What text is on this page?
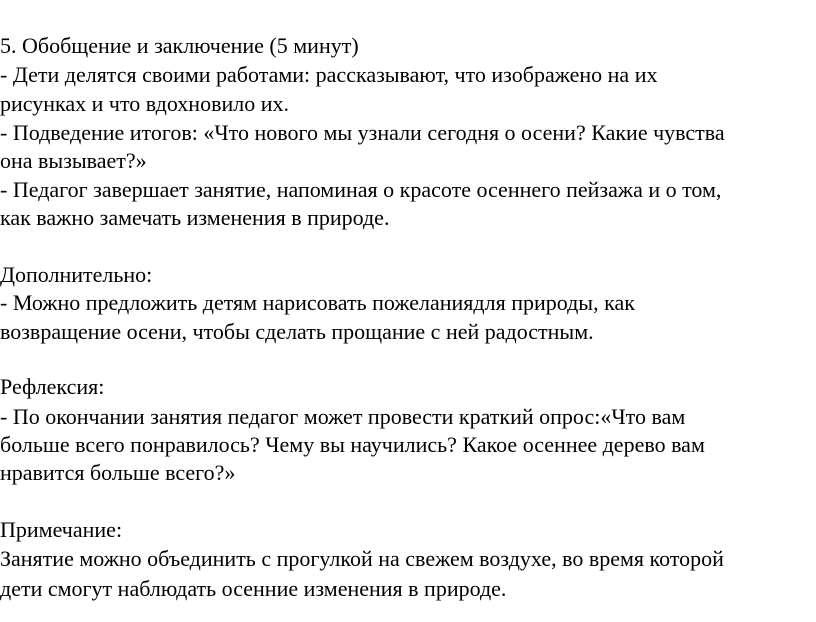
5. Обобщение и заключение (5 минут)
- Дети делятся своими работами: рассказывают, что изображено на их
рисунках и что вдохновило их.
- Подведение итогов: «Что нового мы узнали сегодня о осени? Какие чувства
она вызывает?»
- Педагог завершает занятие, напоминая о красоте осеннего пейзажа и о том,
как важно замечать изменения в природе.
Дополнительно:
- Можно предложить детям нарисовать пожеланиядля природы, как
возвращение осени, чтобы сделать прощание с ней радостным.
Рефлексия:
- По окончании занятия педагог может провести краткий опрос:«Что вам
больше всего понравилось? Чему вы научились? Какое осеннее дерево вам
нравится больше всего?»
Примечание:
Занятие можно объединить с прогулкой на свежем воздухе, во время которой
дети смогут наблюдать осенние изменения в природе.
